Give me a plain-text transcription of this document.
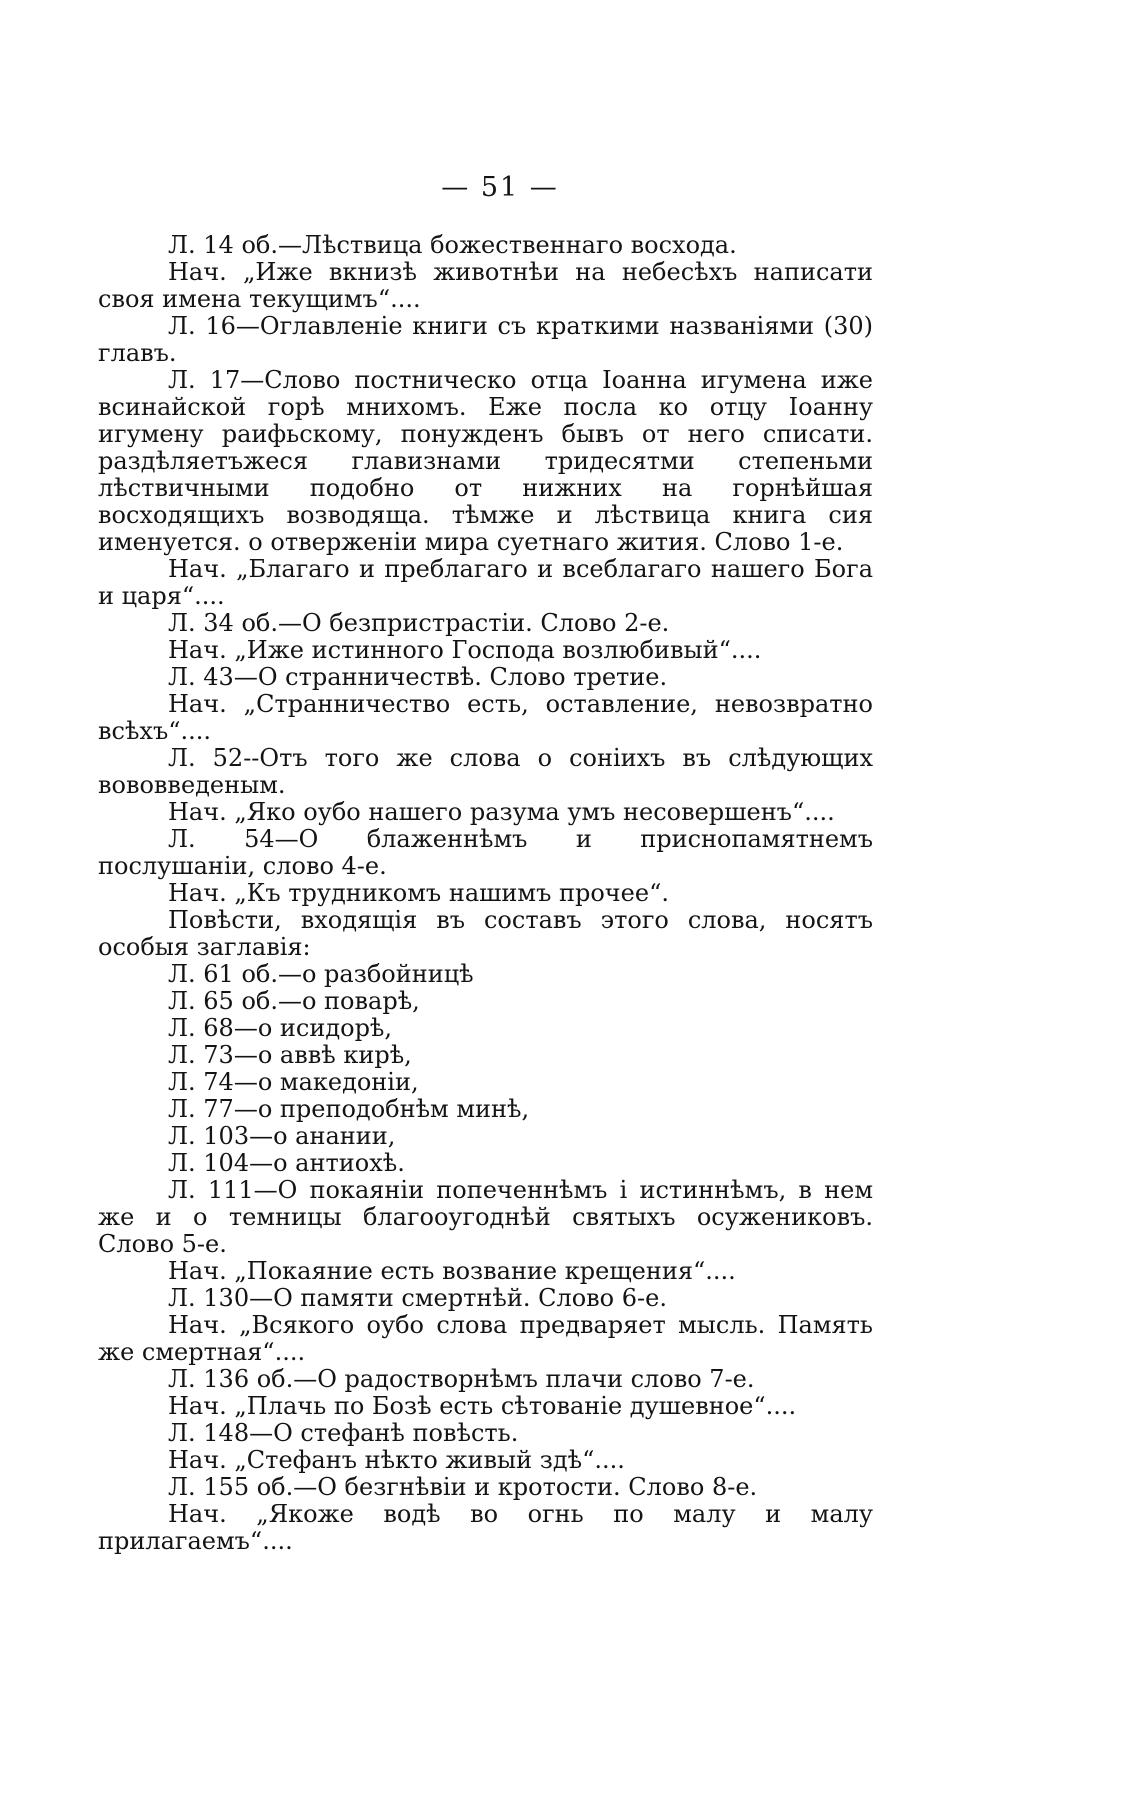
— 51 —

Л. 14 об.—Лѣствица божественнаго восхода.

Нач. „Иже вкнизѣ животнѣи на небесѣхъ написати своя имена текущимъ“....

Л. 16—Оглавленіе книги съ краткими названіями (30) главъ.

Л. 17—Слово постническо отца Іоанна игумена иже всинайской горѣ мнихомъ. Еже посла ко отцу Іоанну игумену раифьскому, понужденъ бывъ от него списати. раздѣляетъжеся главизнами тридесятми степеньми лѣствичными подобно от нижних на горнѣйшая восходящихъ возводяща. тѣмже и лѣствица книга сия именуется. о отверженіи мира суетнаго жития. Слово 1-е.

Нач. „Благаго и преблагаго и всеблагаго нашего Бога и царя“....

Л. 34 об.—О безпристрастіи. Слово 2-е.

Нач. „Иже истинного Господа возлюбивый“....

Л. 43—О странничествѣ. Слово третие.

Нач. „Странничество есть, оставление, невозвратно всѣхъ“....

Л. 52--Отъ того же слова о соніихъ въ слѣдующих вововведеным.

Нач. „Яко оубо нашего разума умъ несовершенъ“....

Л. 54—О блаженнѣмъ и приснопамятнемъ послушаніи, слово 4-е.

Нач. „Къ трудникомъ нашимъ прочее“.

Повѣсти, входящія въ составъ этого слова, носятъ особыя заглавія:

Л. 61 об.—о разбойницѣ

Л. 65 об.—о поварѣ,

Л. 68—о исидорѣ,

Л. 73—о аввѣ кирѣ,

Л. 74—о македоніи,

Л. 77—о преподобнѣм минѣ,

Л. 103—о анании,

Л. 104—о антиохѣ.

Л. 111—О покаяніи попеченнѣмъ і истиннѣмъ, в нем же и о темницы благооугоднѣй святыхъ осужениковъ. Слово 5-е.

Нач. „Покаяние есть возвание крещения“....

Л. 130—О памяти смертнѣй. Слово 6-е.

Нач. „Всякого оубо слова предваряет мысль. Память же смертная“....

Л. 136 об.—О радостворнѣмъ плачи слово 7-е.

Нач. „Плачь по Бозѣ есть сѣтованіе душевное“....

Л. 148—О стефанѣ повѣсть.

Нач. „Стефанъ нѣкто живый здѣ“....

Л. 155 об.—О безгнѣвіи и кротости. Слово 8-е.

Нач. „Якоже водѣ во огнь по малу и малу прилагаемъ“....
